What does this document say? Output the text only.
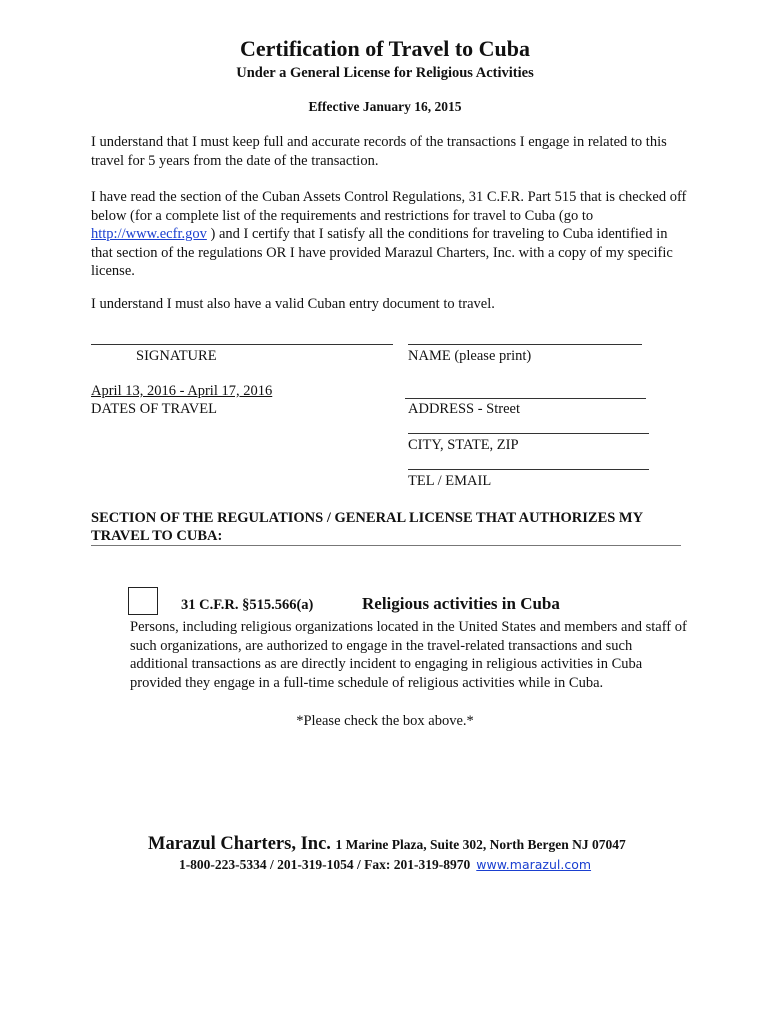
Certification of Travel to Cuba
Under a General License for Religious Activities
Effective January 16, 2015
I understand that I must keep full and accurate records of the transactions I engage in related to this travel for 5 years from the date of the transaction.
I have read the section of the Cuban Assets Control Regulations, 31 C.F.R. Part 515 that is checked off below (for a complete list of the requirements and restrictions for travel to Cuba (go to http://www.ecfr.gov ) and I certify that I satisfy all the conditions for traveling to Cuba identified in that section of the regulations OR I have provided Marazul Charters, Inc. with a copy of my specific license.
I understand I must also have a valid Cuban entry document to travel.
SIGNATURE	NAME (please print)
April 13, 2016 - April 17, 2016
DATES OF TRAVEL	ADDRESS - Street
CITY, STATE, ZIP
TEL / EMAIL
SECTION OF THE REGULATIONS / GENERAL LICENSE THAT AUTHORIZES MY TRAVEL TO CUBA:
31 C.F.R. §515.566(a)	Religious activities in Cuba
Persons, including religious organizations located in the United States and members and staff of such organizations, are authorized to engage in the travel-related transactions and such additional transactions as are directly incident to engaging in religious activities in Cuba provided they engage in a full-time schedule of religious activities while in Cuba.
*Please check the box above.*
Marazul Charters, Inc. 1 Marine Plaza, Suite 302, North Bergen NJ 07047
1-800-223-5334 / 201-319-1054 / Fax: 201-319-8970 www.marazul.com
